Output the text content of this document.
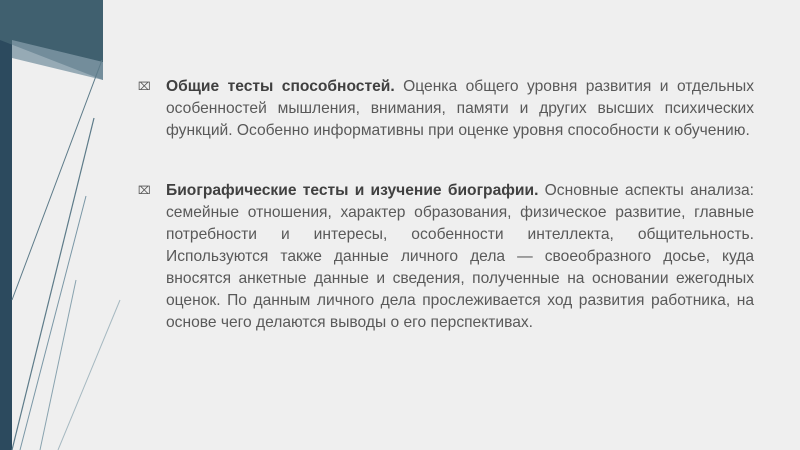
⌧
Общие тесты способностей. Оценка общего уровня развития и отдельных особенностей мышления, внимания, памяти и других высших психических функций. Особенно информативны при оценке уровня способности к обучению.
⌧
Биографические тесты и изучение биографии. Основные аспекты анализа: семейные отношения, характер образования, физическое развитие, главные потребности и интересы, особенности интеллекта, общительность. Используются также данные личного дела — своеобразного досье, куда вносятся анкетные данные и сведения, полученные на основании ежегодных оценок. По данным личного дела прослеживается ход развития работника, на основе чего делаются выводы о его перспективах.
